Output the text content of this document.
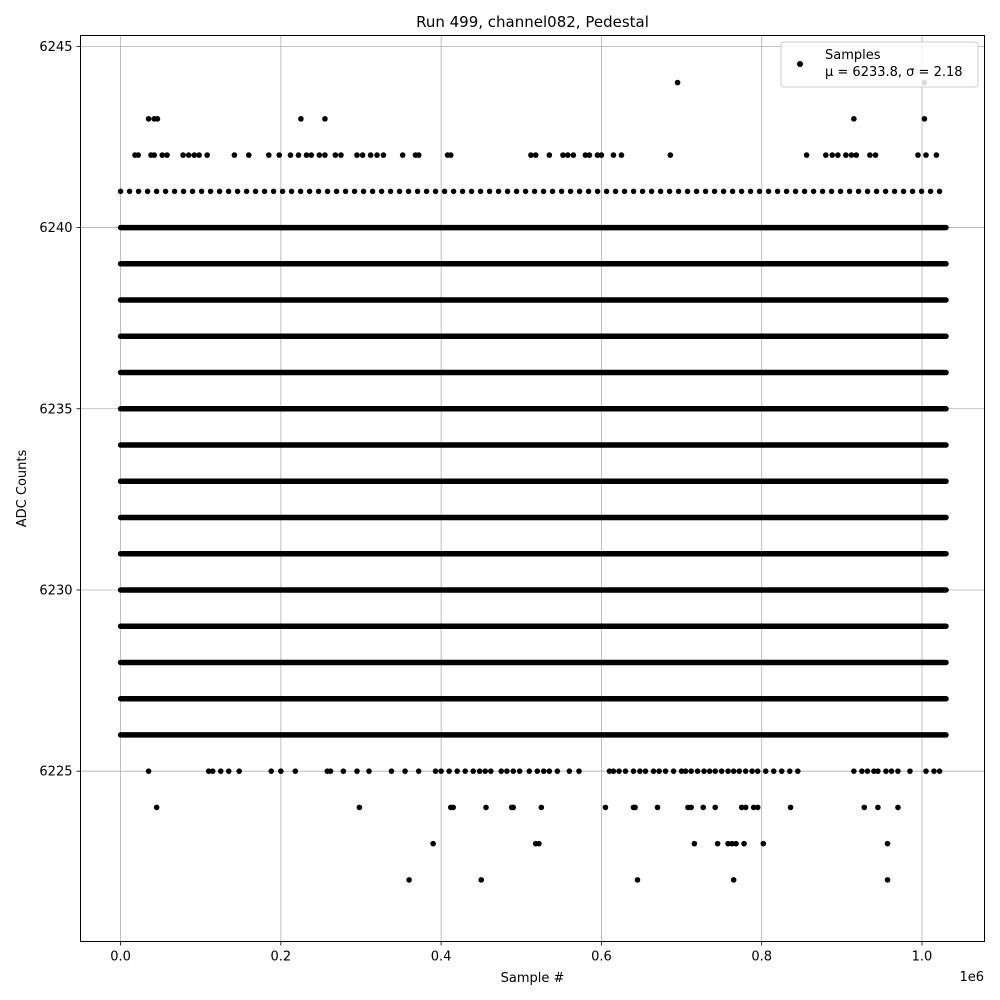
Run 499, channel082, Pedestal
0.0	0.2	0.4	0.6	0.8	1.0
6225
6230
6235
6240
6245
Sample #
ADC Counts
1e6
Samples
μ = 6233.8, σ = 2.18
